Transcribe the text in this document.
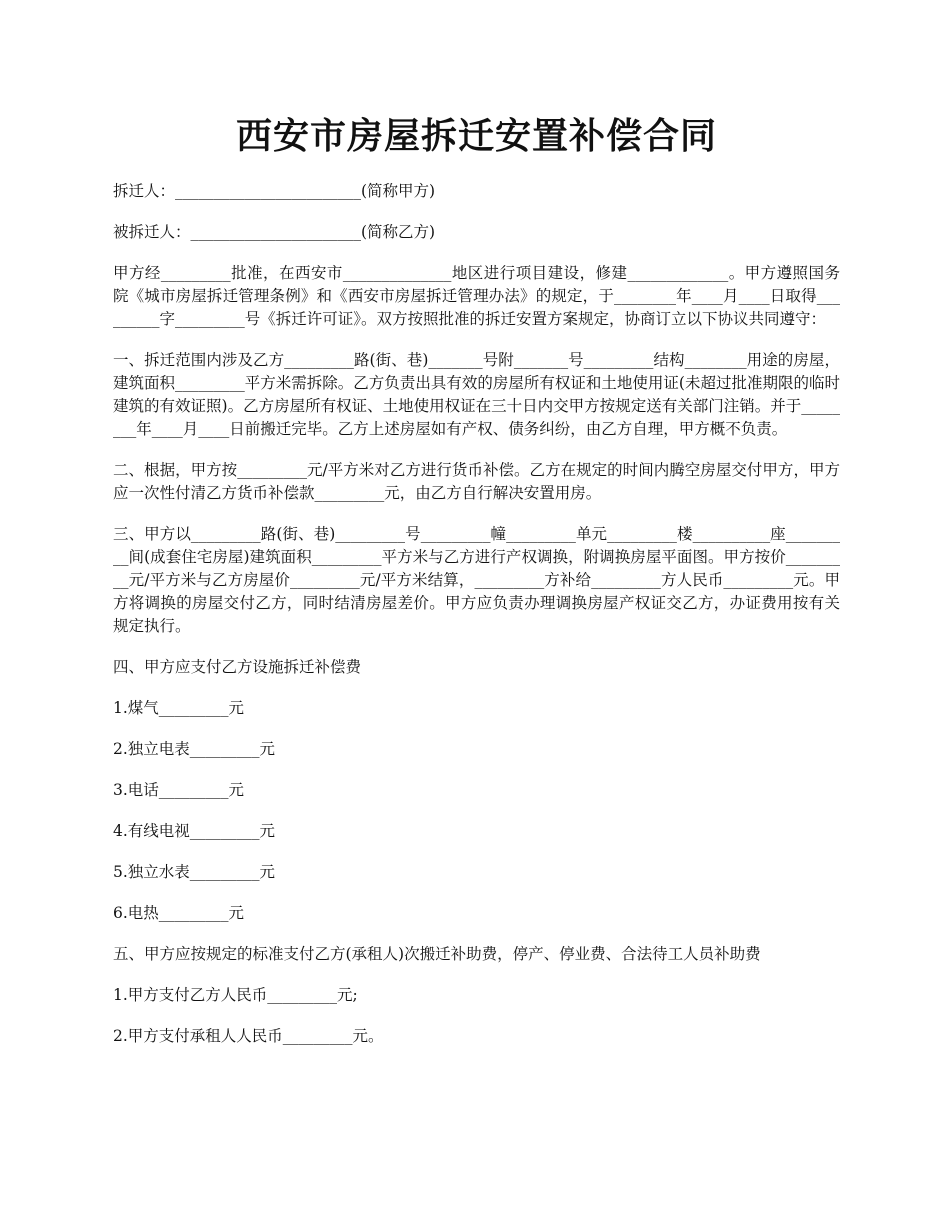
西安市房屋拆迁安置补偿合同

拆迁人：________________________(简称甲方)

被拆迁人：______________________(简称乙方)

甲方经_________批准，在西安市______________地区进行项目建设，修建_____________。甲方遵照国务院《城市房屋拆迁管理条例》和《西安市房屋拆迁管理办法》的规定，于________年____月____日取得_________字_________号《拆迁许可证》。双方按照批准的拆迁安置方案规定，协商订立以下协议共同遵守：

一、拆迁范围内涉及乙方_________路(街、巷)_______号附_______号_________结构________用途的房屋，建筑面积_________平方米需拆除。乙方负责出具有效的房屋所有权证和土地使用证(未超过批准期限的临时建筑的有效证照)。乙方房屋所有权证、土地使用权证在三十日内交甲方按规定送有关部门注销。并于________年____月____日前搬迁完毕。乙方上述房屋如有产权、债务纠纷，由乙方自理，甲方概不负责。

二、根据，甲方按_________元/平方米对乙方进行货币补偿。乙方在规定的时间内腾空房屋交付甲方，甲方应一次性付清乙方货币补偿款_________元，由乙方自行解决安置用房。

三、甲方以_________路(街、巷)_________号_________幢_________单元_________楼__________座_________间(成套住宅房屋)建筑面积_________平方米与乙方进行产权调换，附调换房屋平面图。甲方按价_________元/平方米与乙方房屋价_________元/平方米结算，_________方补给_________方人民币_________元。甲方将调换的房屋交付乙方，同时结清房屋差价。甲方应负责办理调换房屋产权证交乙方，办证费用按有关规定执行。

四、甲方应支付乙方设施拆迁补偿费

1.煤气_________元

2.独立电表_________元

3.电话_________元

4.有线电视_________元

5.独立水表_________元

6.电热_________元

五、甲方应按规定的标准支付乙方(承租人)次搬迁补助费，停产、停业费、合法待工人员补助费

1.甲方支付乙方人民币_________元;

2.甲方支付承租人人民币_________元。
